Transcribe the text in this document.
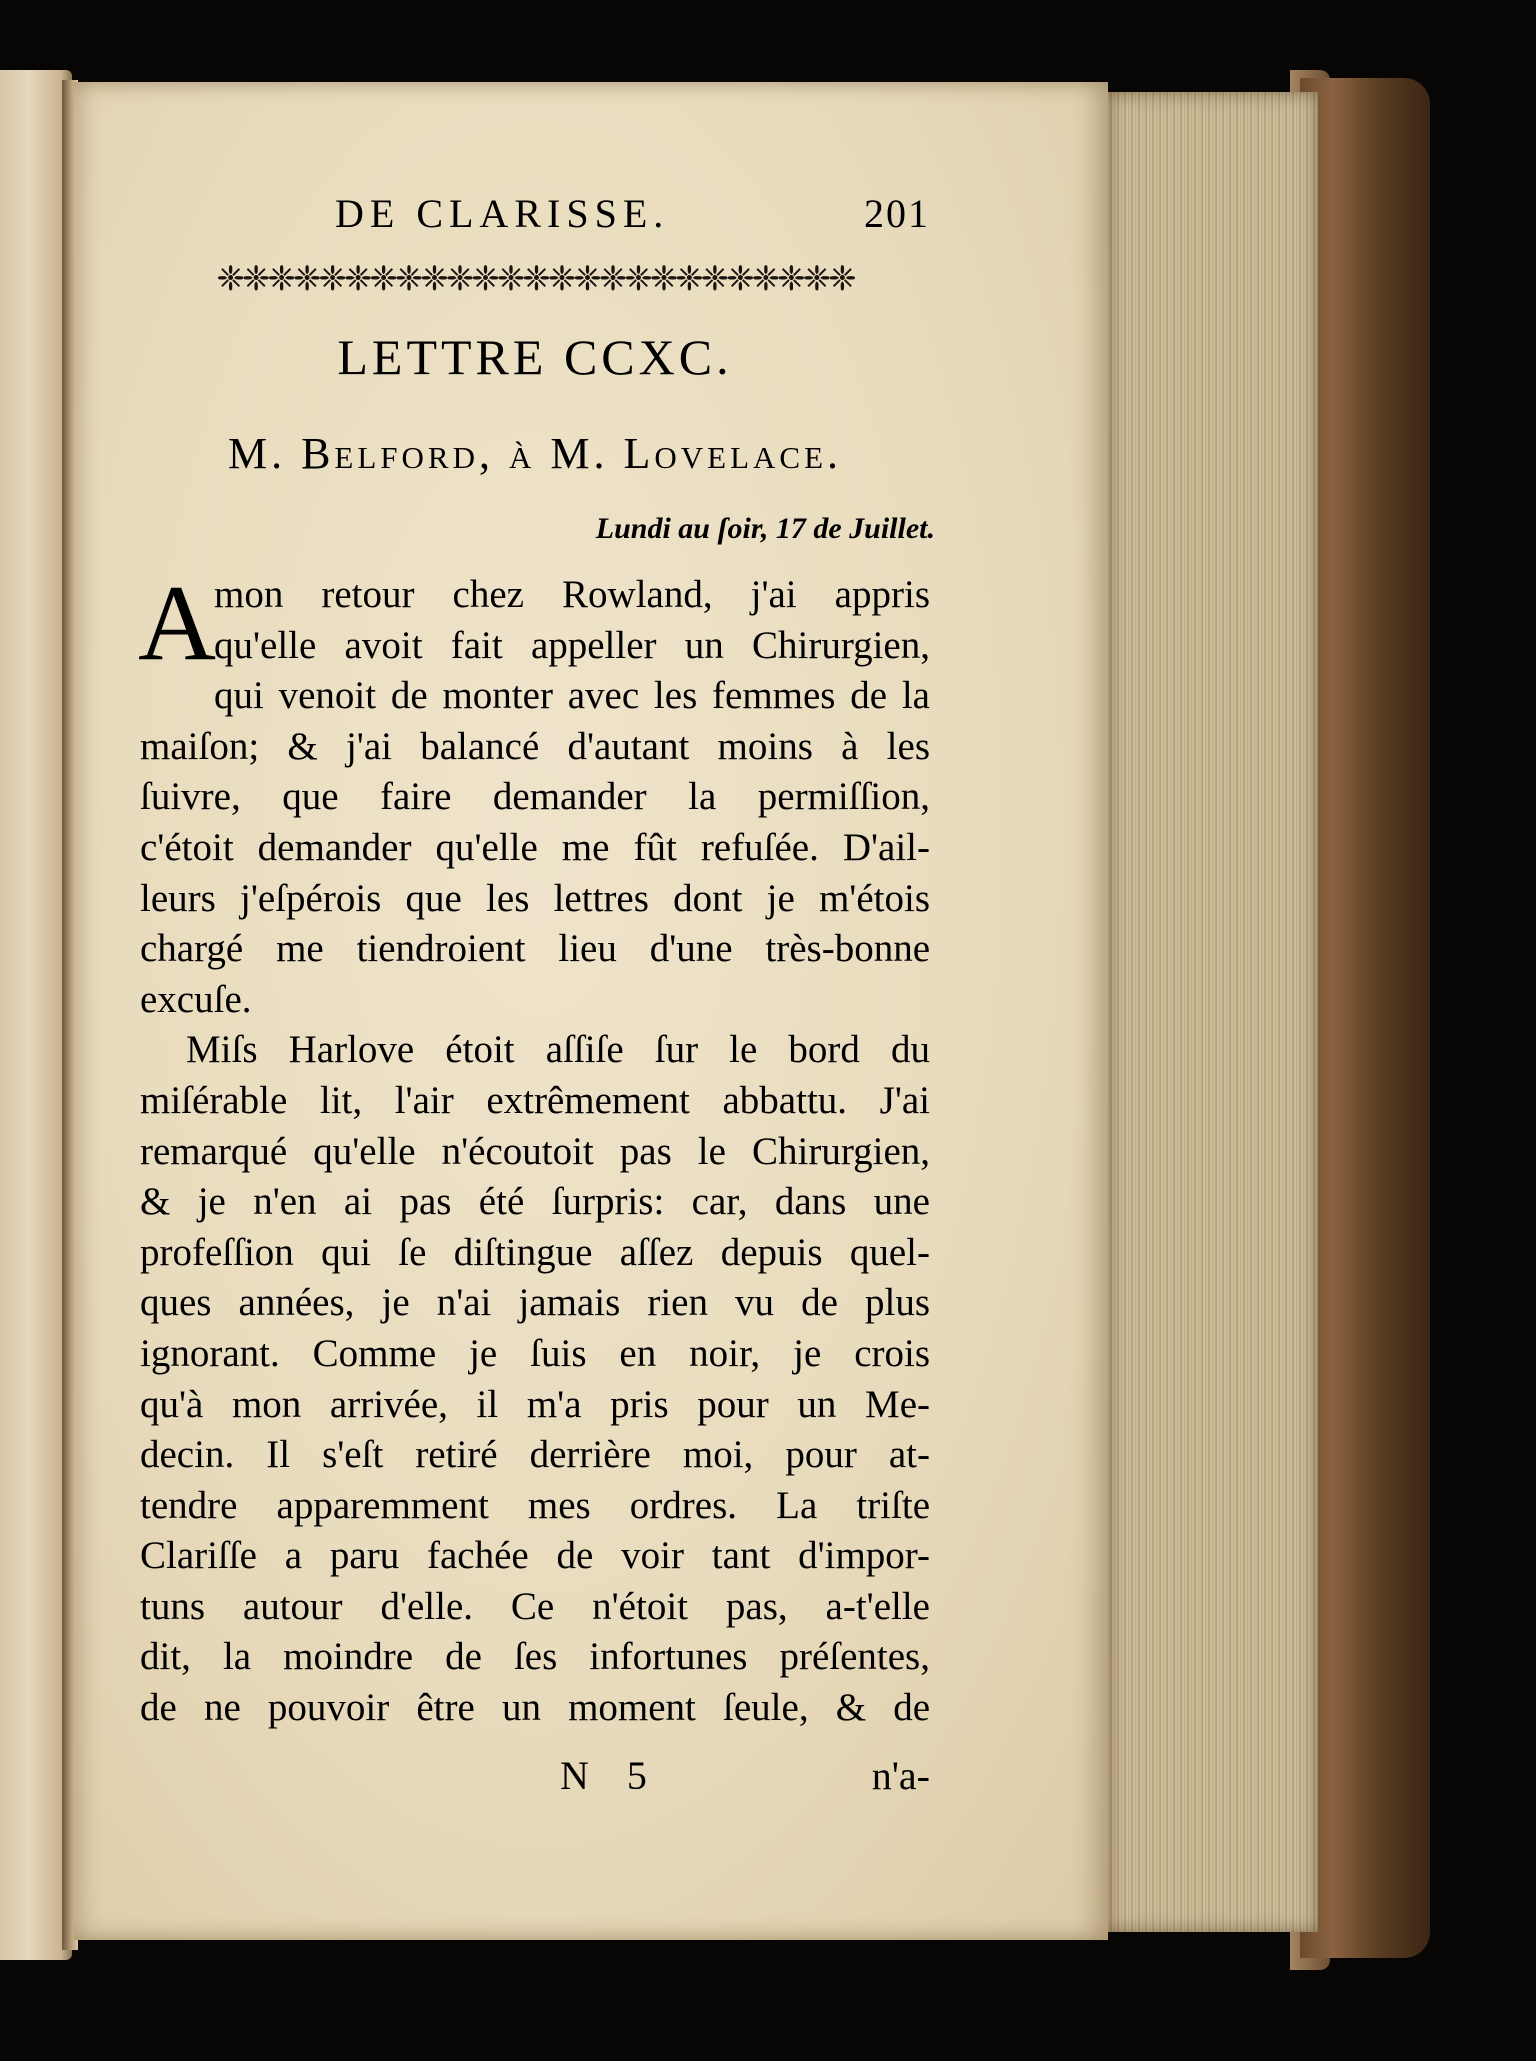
DE CLARISSE.	201
❈❈❈❈❈❈❈❈❈❈❈❈❈❈❈❈❈❈❈❈❈❈❈❈❈
LETTRE CCXC.
M. Belford, à M. Lovelace.
Lundi au ſoir, 17 de Juillet.
A
mon retour chez Rowland, j'ai appris
qu'elle avoit fait appeller un Chirurgien,
qui venoit de monter avec les femmes de la
maiſon; & j'ai balancé d'autant moins à les
ſuivre, que faire demander la permiſſion,
c'étoit demander qu'elle me fût refuſée. D'ail-
leurs j'eſpérois que les lettres dont je m'étois
chargé me tiendroient lieu d'une très-bonne
excuſe.
Miſs Harlove étoit aſſiſe ſur le bord du
miſérable lit, l'air extrêmement abbattu. J'ai
remarqué qu'elle n'écoutoit pas le Chirurgien,
& je n'en ai pas été ſurpris: car, dans une
profeſſion qui ſe diſtingue aſſez depuis quel-
ques années, je n'ai jamais rien vu de plus
ignorant. Comme je ſuis en noir, je crois
qu'à mon arrivée, il m'a pris pour un Me-
decin. Il s'eſt retiré derrière moi, pour at-
tendre apparemment mes ordres. La triſte
Clariſſe a paru fachée de voir tant d'impor-
tuns autour d'elle. Ce n'étoit pas, a-t'elle
dit, la moindre de ſes infortunes préſentes,
de ne pouvoir être un moment ſeule, & de
N 5	n'a-
